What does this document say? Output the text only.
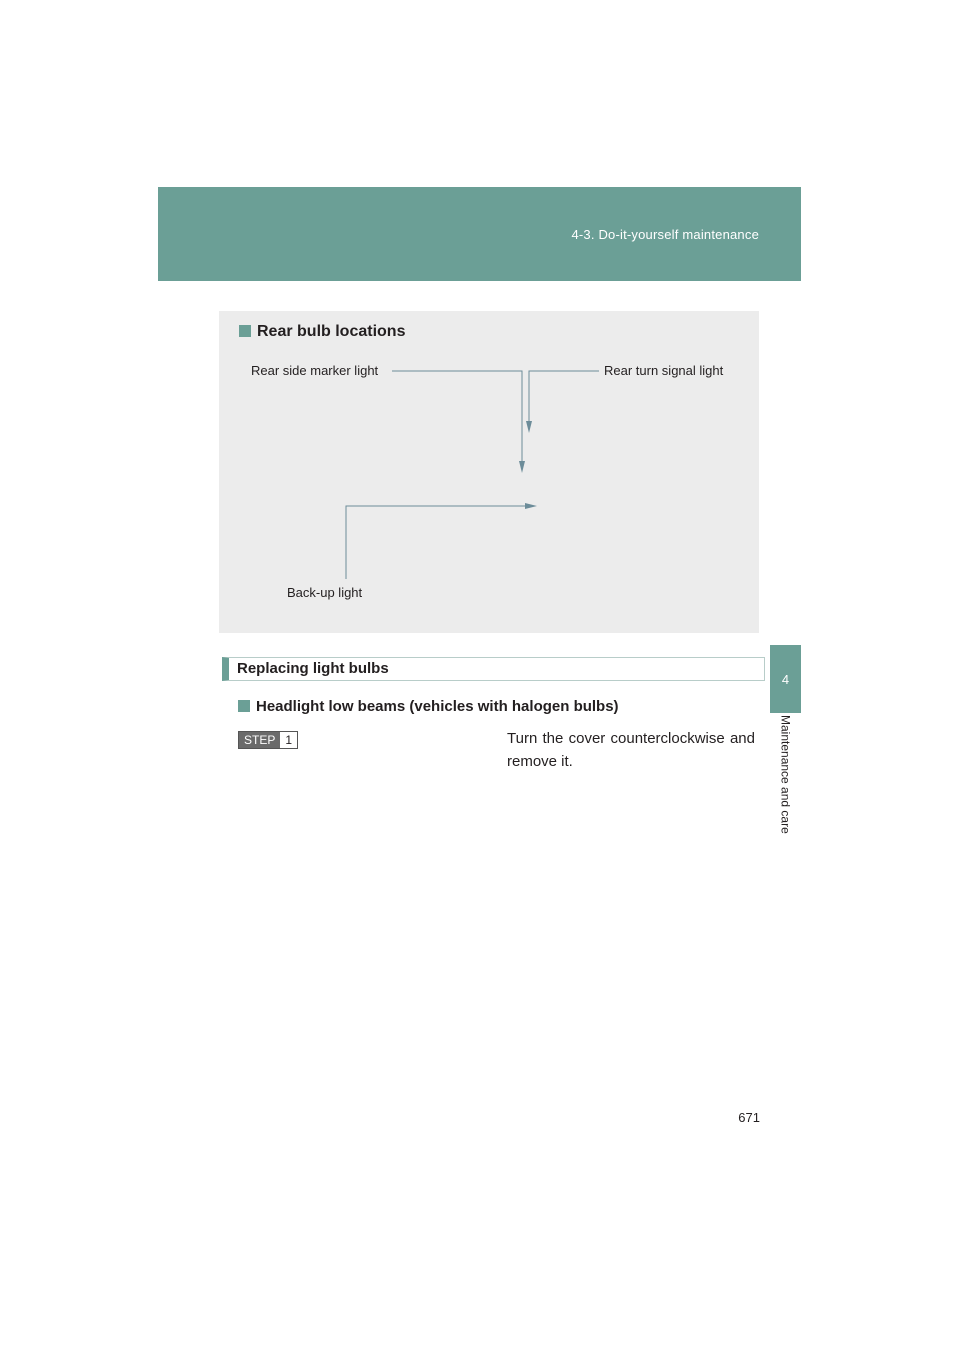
4-3. Do-it-yourself maintenance
4
Maintenance and care
Rear bulb locations
Rear side marker light	Rear turn signal light
Back-up light
Replacing light bulbs
Headlight low beams (vehicles with halogen bulbs)
STEP 1	Turn the cover counterclockwise and remove it.
671
